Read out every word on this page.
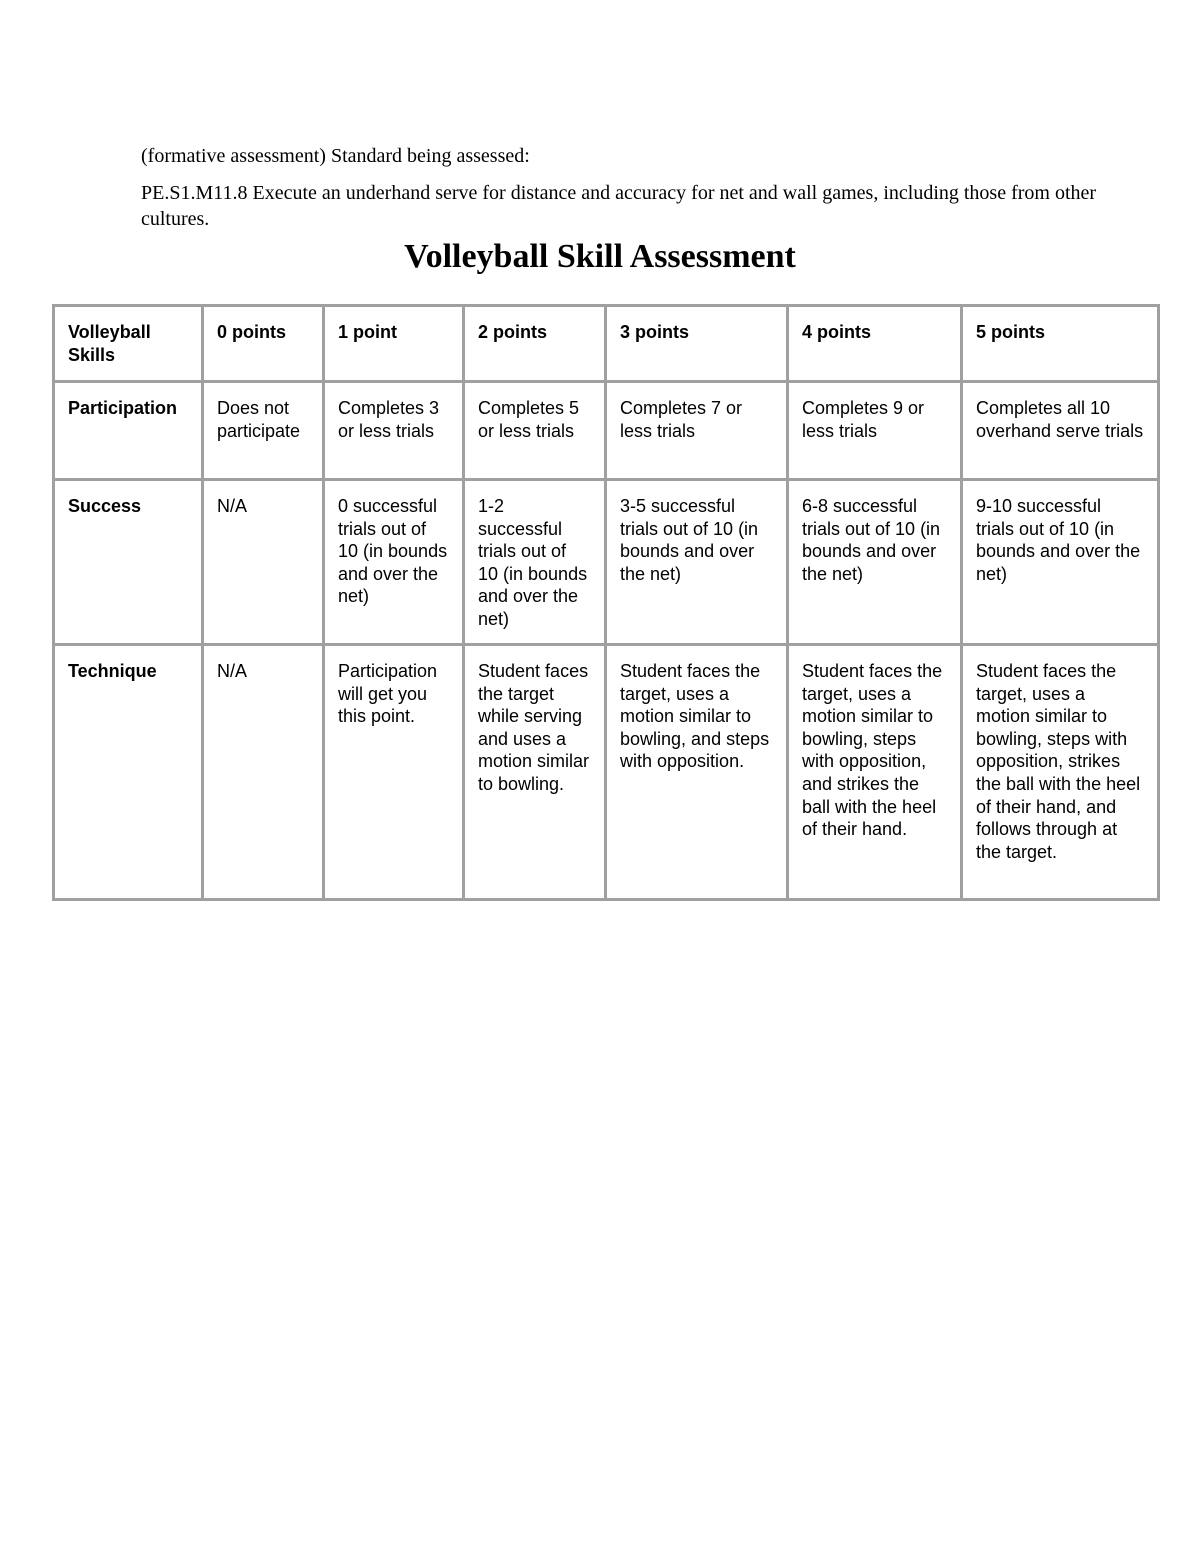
(formative assessment) Standard being assessed:

PE.S1.M11.8 Execute an underhand serve for distance and accuracy for net and wall games, including those from other cultures.

Volleyball Skill Assessment
Volleyball Skills	0 points	1 point	2 points	3 points	4 points	5 points
Participation	Does not participate	Completes 3 or less trials	Completes 5 or less trials	Completes 7 or less trials	Completes 9 or less trials	Completes all 10 overhand serve trials
Success	N/A	0 successful trials out of 10 (in bounds and over the net)	1-2 successful trials out of 10 (in bounds and over the net)	3-5 successful trials out of 10 (in bounds and over the net)	6-8 successful trials out of 10 (in bounds and over the net)	9-10 successful trials out of 10 (in bounds and over the net)
Technique	N/A	Participation will get you this point.	Student faces the target while serving and uses a motion similar to bowling.	Student faces the target, uses a motion similar to bowling, and steps with opposition.	Student faces the target, uses a motion similar to bowling, steps with opposition, and strikes the ball with the heel of their hand.	Student faces the target, uses a motion similar to bowling, steps with opposition, strikes the ball with the heel of their hand, and follows through at the target.
